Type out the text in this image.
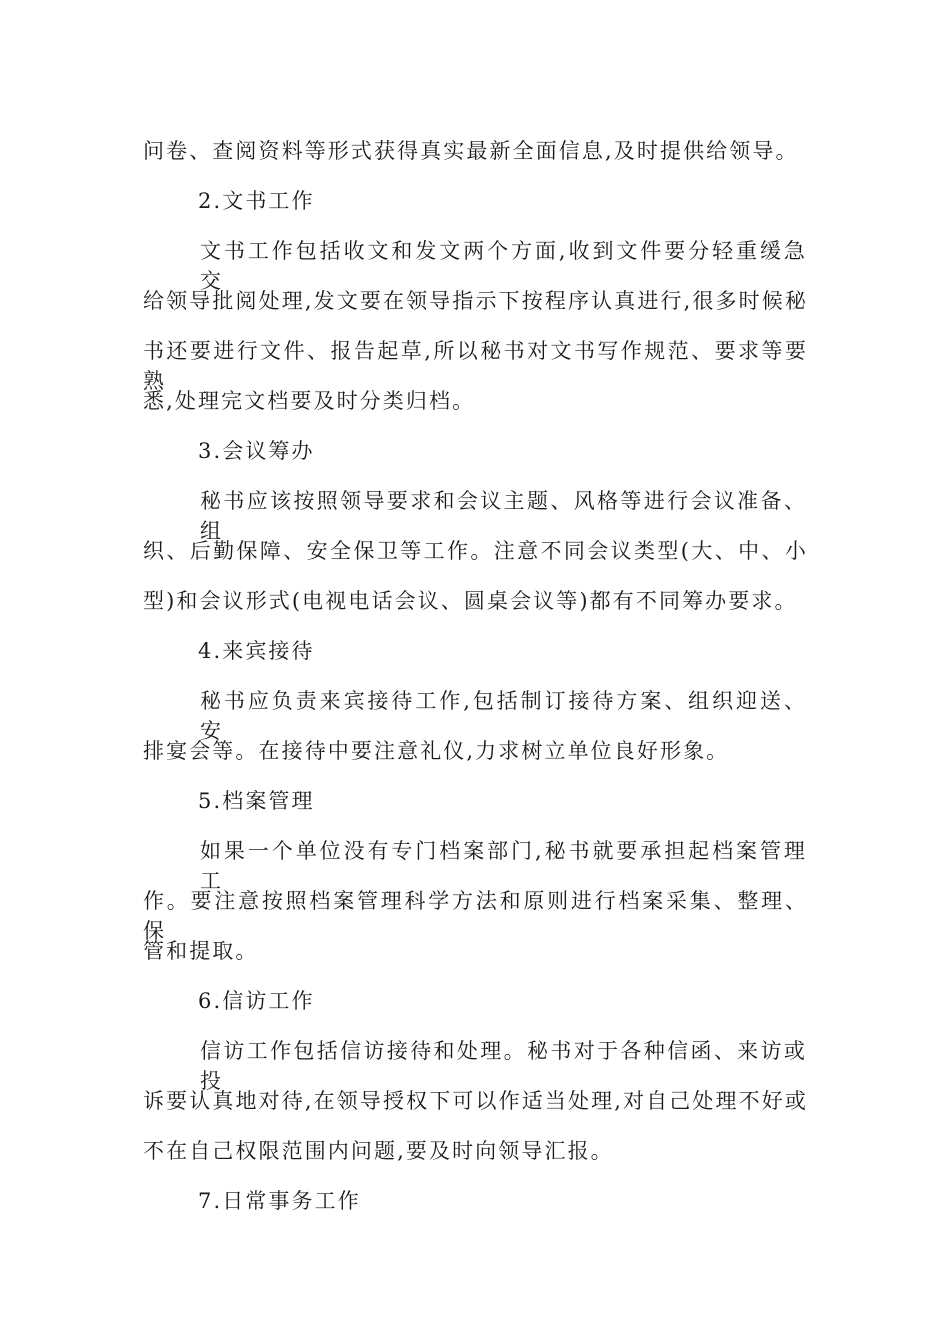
问卷、查阅资料等形式获得真实最新全面信息,及时提供给领导。
2.文书工作
文书工作包括收文和发文两个方面,收到文件要分轻重缓急交
给领导批阅处理,发文要在领导指示下按程序认真进行,很多时候秘
书还要进行文件、报告起草,所以秘书对文书写作规范、要求等要熟
悉,处理完文档要及时分类归档。
3.会议筹办
秘书应该按照领导要求和会议主题、风格等进行会议准备、组
织、后勤保障、安全保卫等工作。注意不同会议类型(大、中、小
型)和会议形式(电视电话会议、圆桌会议等)都有不同筹办要求。
4.来宾接待
秘书应负责来宾接待工作,包括制订接待方案、组织迎送、安
排宴会等。在接待中要注意礼仪,力求树立单位良好形象。
5.档案管理
如果一个单位没有专门档案部门,秘书就要承担起档案管理工
作。要注意按照档案管理科学方法和原则进行档案采集、整理、保
管和提取。
6.信访工作
信访工作包括信访接待和处理。秘书对于各种信函、来访或投
诉要认真地对待,在领导授权下可以作适当处理,对自己处理不好或
不在自己权限范围内问题,要及时向领导汇报。
7.日常事务工作
